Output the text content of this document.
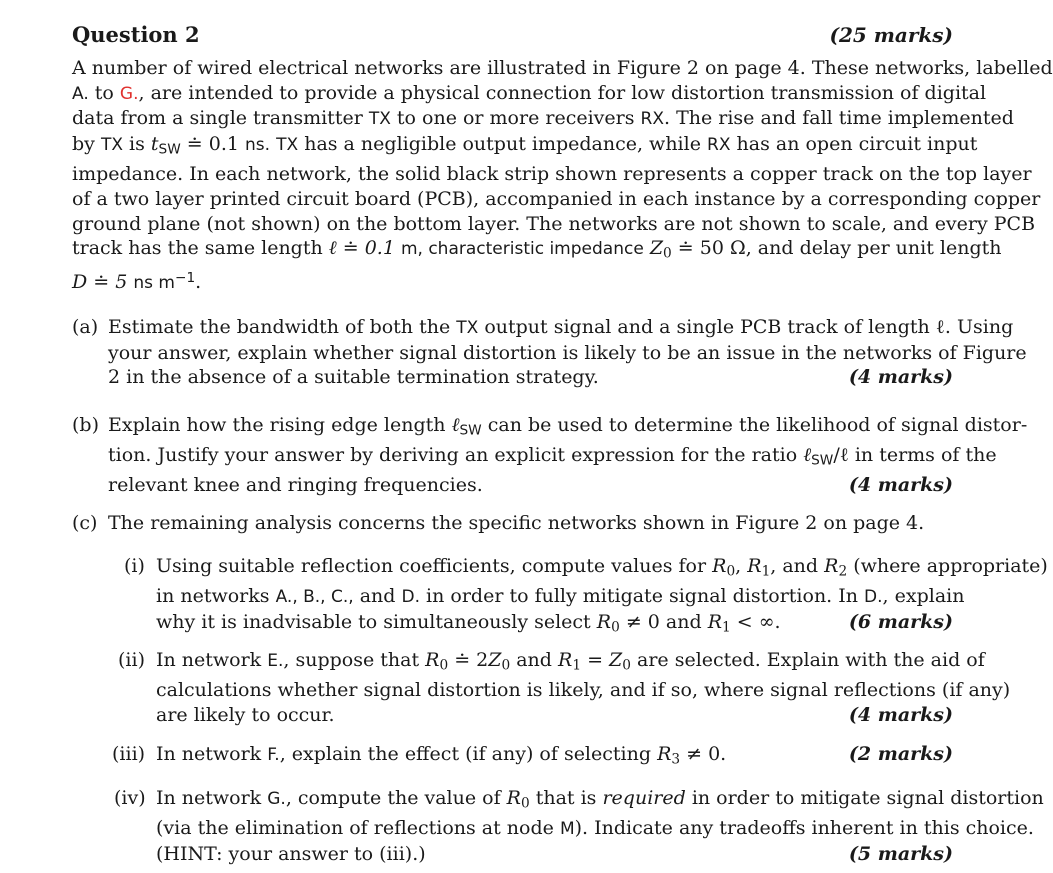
Question 2	(25 marks)
A number of wired electrical networks are illustrated in Figure 2 on page 4. These networks, labelled
A. to G., are intended to provide a physical connection for low distortion transmission of digital
data from a single transmitter TX to one or more receivers RX. The rise and fall time implemented
by TX is $t_{SW}$ ≐ 0.1 ns. TX has a negligible output impedance, while RX has an open circuit input
impedance. In each network, the solid black strip shown represents a copper track on the top layer
of a two layer printed circuit board (PCB), accompanied in each instance by a corresponding copper
ground plane (not shown) on the bottom layer. The networks are not shown to scale, and every PCB
track has the same length ℓ ≐ 0.1 m, characteristic impedance $Z_0$ ≐ 50 Ω, and delay per unit length
D ≐ 5 ns $m^{-1}$.
(a) Estimate the bandwidth of both the TX output signal and a single PCB track of length ℓ. Using
your answer, explain whether signal distortion is likely to be an issue in the networks of Figure
2 in the absence of a suitable termination strategy.	(4 marks)
(b) Explain how the rising edge length ℓ$_{SW}$ can be used to determine the likelihood of signal distor-
tion. Justify your answer by deriving an explicit expression for the ratio ℓ$_{SW}$/ℓ in terms of the
relevant knee and ringing frequencies.	(4 marks)
(c) The remaining analysis concerns the specific networks shown in Figure 2 on page 4.
(i) Using suitable reflection coefficients, compute values for $R_0$, $R_1$, and $R_2$ (where appropriate)
in networks A., B., C., and D. in order to fully mitigate signal distortion. In D., explain
why it is inadvisable to simultaneously select $R_0 \ne 0$ and $R_1$ < ∞.	(6 marks)
(ii) In network E., suppose that $R_0$ ≐ $2Z_0$ and $R_1 = Z_0$ are selected. Explain with the aid of
calculations whether signal distortion is likely, and if so, where signal reflections (if any)
are likely to occur.	(4 marks)
(iii) In network F., explain the effect (if any) of selecting $R_3 \ne 0$.	(2 marks)
(iv) In network G., compute the value of $R_0$ that is required in order to mitigate signal distortion
(via the elimination of reflections at node M). Indicate any tradeoffs inherent in this choice.
(HINT: your answer to (iii).)	(5 marks)
